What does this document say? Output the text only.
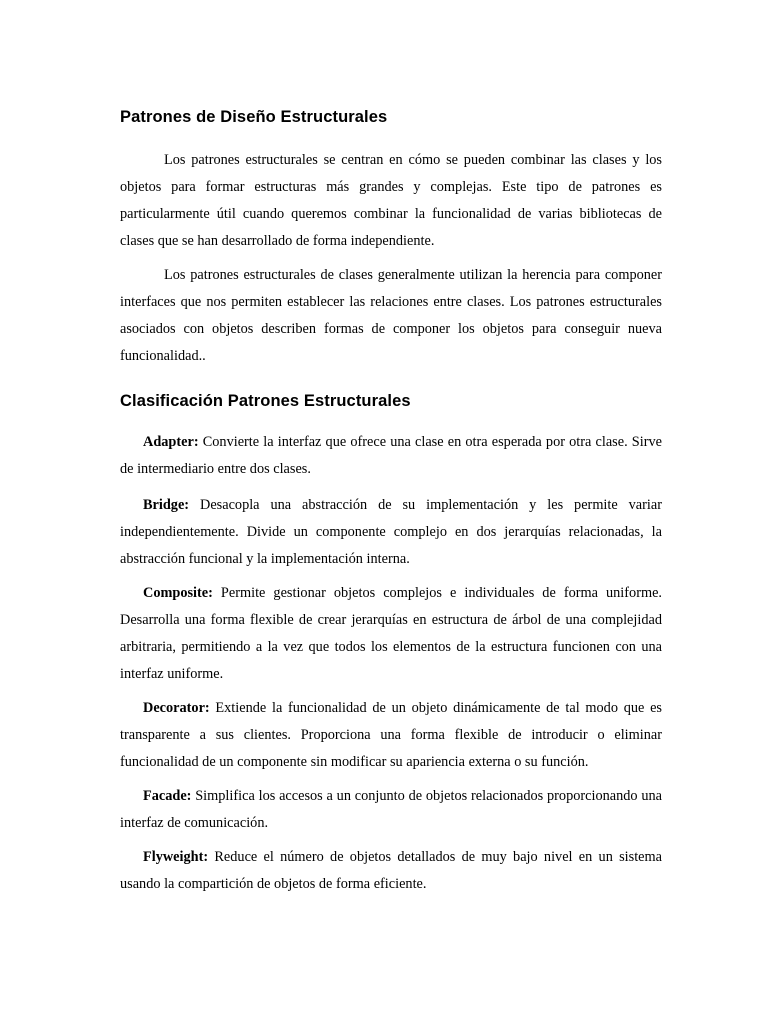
Patrones de Diseño Estructurales

Los patrones estructurales se centran en cómo se pueden combinar las clases y los objetos para formar estructuras más grandes y complejas. Este tipo de patrones es particularmente útil cuando queremos combinar la funcionalidad de varias bibliotecas de clases que se han desarrollado de forma independiente.

Los patrones estructurales de clases generalmente utilizan la herencia para componer interfaces que nos permiten establecer las relaciones entre clases. Los patrones estructurales asociados con objetos describen formas de componer los objetos para conseguir nueva funcionalidad..

Clasificación Patrones Estructurales

Adapter: Convierte la interfaz que ofrece una clase en otra esperada por otra clase. Sirve de intermediario entre dos clases.

Bridge: Desacopla una abstracción de su implementación y les permite variar independientemente. Divide un componente complejo en dos jerarquías relacionadas, la abstracción funcional y la implementación interna.

Composite: Permite gestionar objetos complejos e individuales de forma uniforme. Desarrolla una forma flexible de crear jerarquías en estructura de árbol de una complejidad arbitraria, permitiendo a la vez que todos los elementos de la estructura funcionen con una interfaz uniforme.

Decorator: Extiende la funcionalidad de un objeto dinámicamente de tal modo que es transparente a sus clientes. Proporciona una forma flexible de introducir o eliminar funcionalidad de un componente sin modificar su apariencia externa o su función.

Facade: Simplifica los accesos a un conjunto de objetos relacionados proporcionando una interfaz de comunicación.

Flyweight: Reduce el número de objetos detallados de muy bajo nivel en un sistema usando la compartición de objetos de forma eficiente.
